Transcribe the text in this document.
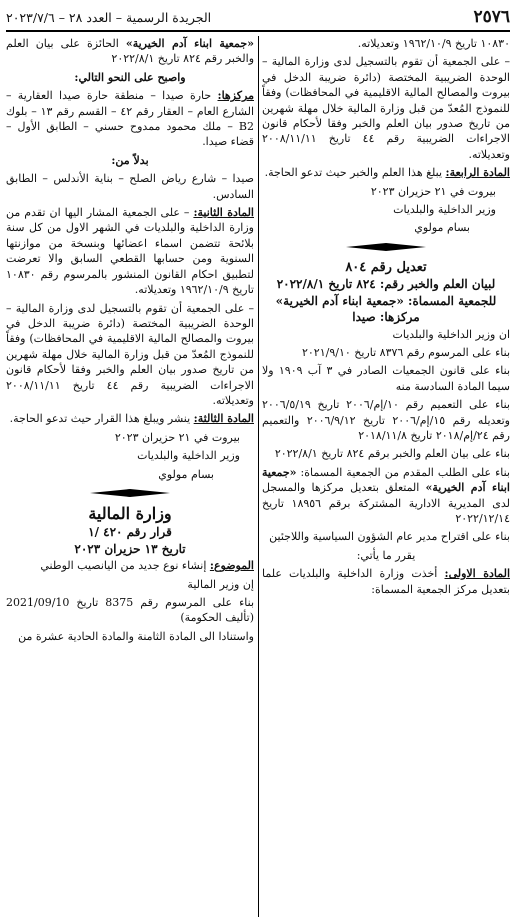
٢٥٧٦
الجريدة الرسمية – العدد ٢٨ – ٢٠٢٣/٧/٦

١٠٨٣٠ تاريخ ١٩٦٢/١٠/٩ وتعديلاته.

– على الجمعية أن تقوم بالتسجيل لدى وزارة المالية – الوحدة الضريبية المختصة (دائرة ضريبة الدخل في بيروت والمصالح المالية الاقليمية في المحافظات) وفقاً للنموذج المُعدّ من قبل وزارة المالية خلال مهلة شهرين من تاريخ صدور بيان العلم والخبر وفقا لأحكام قانون الاجراءات الضريبية رقم ٤٤ تاريخ ٢٠٠٨/١١/١١ وتعديلاته.

المادة الرابعة: يبلغ هذا العلم والخبر حيث تدعو الحاجة.

بيروت في ٢١ حزيران ٢٠٢٣

وزير الداخلية والبلديات

بسام مولوي

تعديل رقم ٨٠٤
لبيان العلم والخبر رقم: ٨٢٤ تاريخ ٢٠٢٢/٨/١
للجمعية المسماة: «جمعية ابناء آدم الخيرية»
مركزها: صيدا

ان وزير الداخلية والبلديات

بناء على المرسوم رقم ٨٣٧٦ تاريخ ٢٠٢١/٩/١٠

بناء على قانون الجمعيات الصادر في ٣ آب ١٩٠٩ ولا سيما المادة السادسة منه

بناء على التعميم رقم ١٠/إم/٢٠٠٦ تاريخ ٢٠٠٦/٥/١٩ وتعديله رقم ١٥/إم/٢٠٠٦ تاريخ ٢٠٠٦/٩/١٢ والتعميم رقم ٢٤/إم/٢٠١٨ تاريخ ٢٠١٨/١١/٨

بناء على بيان العلم والخبر برقم ٨٢٤ تاريخ ٢٠٢٢/٨/١

بناء على الطلب المقدم من الجمعية المسماة: «جمعية ابناء آدم الخيرية» المتعلق بتعديل مركزها والمسجل لدى المديرية الادارية المشتركة برقم ١٨٩٥٦ تاريخ ٢٠٢٢/١٢/١٤

بناء على اقتراح مدير عام الشؤون السياسية واللاجئين

يقرر ما يأتي:

المادة الاولى: أخذت وزارة الداخلية والبلديات علما بتعديل مركز الجمعية المسماة:

«جمعية ابناء آدم الخيرية» الحائزة على بيان العلم والخبر رقم ٨٢٤ تاريخ ٢٠٢٢/٨/١

واصبح على النحو التالي:

مركزها: حارة صيدا – منطقة حارة صيدا العقارية – الشارع العام – العقار رقم ٤٢ – القسم رقم ١٣ – بلوك B2 – ملك محمود ممدوح حسني – الطابق الأول – قضاء صيدا.

بدلاً من:

صيدا – شارع رياض الصلح – بناية الأندلس – الطابق السادس.

المادة الثانية: – على الجمعية المشار اليها ان تقدم من وزارة الداخلية والبلديات في الشهر الاول من كل سنة بلائحة تتضمن اسماء اعضائها وبنسخة من موازنتها السنوية ومن حسابها القطعي السابق والا تعرضت لتطبيق احكام القانون المنشور بالمرسوم رقم ١٠٨٣٠ تاريخ ١٩٦٢/١٠/٩ وتعديلاته.

– على الجمعية أن تقوم بالتسجيل لدى وزارة المالية – الوحدة الضريبية المختصة (دائرة ضريبة الدخل في بيروت والمصالح المالية الاقليمية في المحافظات) وفقاً للنموذج المُعدّ من قبل وزارة المالية خلال مهلة شهرين من تاريخ صدور بيان العلم والخبر وفقا لأحكام قانون الاجراءات الضريبية رقم ٤٤ تاريخ ٢٠٠٨/١١/١١ وتعديلاته.

المادة الثالثة: ينشر ويبلغ هذا القرار حيث تدعو الحاجة.

بيروت في ٢١ حزيران ٢٠٢٣

وزير الداخلية والبلديات

بسام مولوي

وزارة المالية
قرار رقم ٤٢٠ /١
تاريخ ١٣ حزيران ٢٠٢٣

الموضوع: إنشاء نوع جديد من اليانصيب الوطني

إن وزير المالية

بناء على المرسوم رقم 8375 تاريخ 2021/09/10 (تأليف الحكومة)

واستنادا الى المادة الثامنة والمادة الحادية عشرة من
